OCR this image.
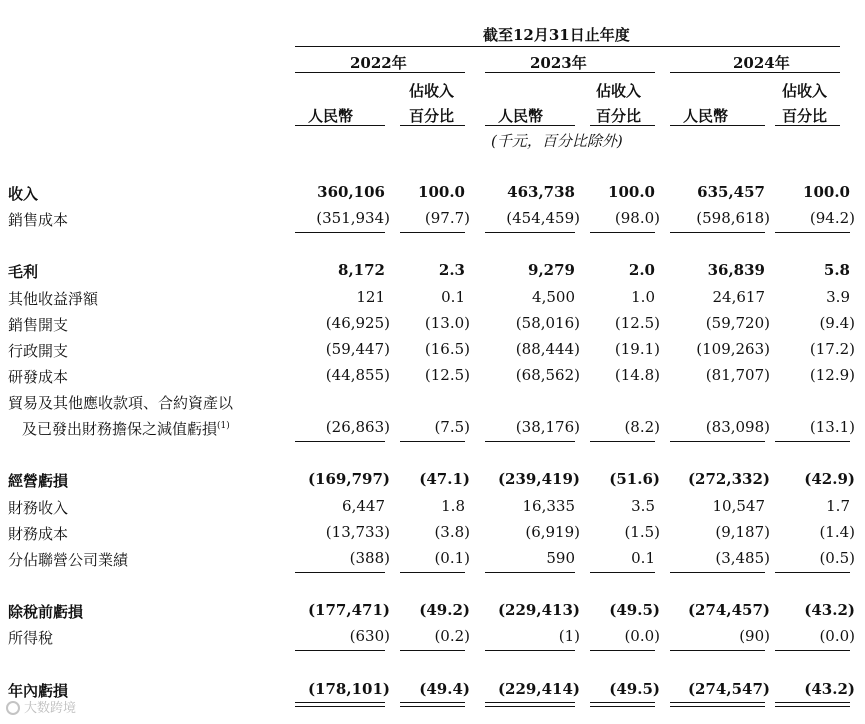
截至12月31日止年度
2022年	2023年	2024年
佔收入	佔收入	佔收入
人民幣	百分比	人民幣	百分比	人民幣	百分比
(千元，百分比除外)
收入	360,106	100.0	463,738	100.0	635,457	100.0
銷售成本	(351,934)	(97.7)	(454,459)	(98.0)	(598,618)	(94.2)
毛利	8,172	2.3	9,279	2.0	36,839	5.8
其他收益淨額	121	0.1	4,500	1.0	24,617	3.9
銷售開支	(46,925)	(13.0)	(58,016)	(12.5)	(59,720)	(9.4)
行政開支	(59,447)	(16.5)	(88,444)	(19.1)	(109,263)	(17.2)
研發成本	(44,855)	(12.5)	(68,562)	(14.8)	(81,707)	(12.9)
貿易及其他應收款項、合約資產以
及已發出財務擔保之減值虧損$^{(1)}$	(26,863)	(7.5)	(38,176)	(8.2)	(83,098)	(13.1)
經營虧損	(169,797)	(47.1)	(239,419)	(51.6)	(272,332)	(42.9)
財務收入	6,447	1.8	16,335	3.5	10,547	1.7
財務成本	(13,733)	(3.8)	(6,919)	(1.5)	(9,187)	(1.4)
分佔聯營公司業績	(388)	(0.1)	590	0.1	(3,485)	(0.5)
除稅前虧損	(177,471)	(49.2)	(229,413)	(49.5)	(274,457)	(43.2)
所得稅	(630)	(0.2)	(1)	(0.0)	(90)	(0.0)
年內虧損	(178,101)	(49.4)	(229,414)	(49.5)	(274,547)	(43.2)
大数跨境
